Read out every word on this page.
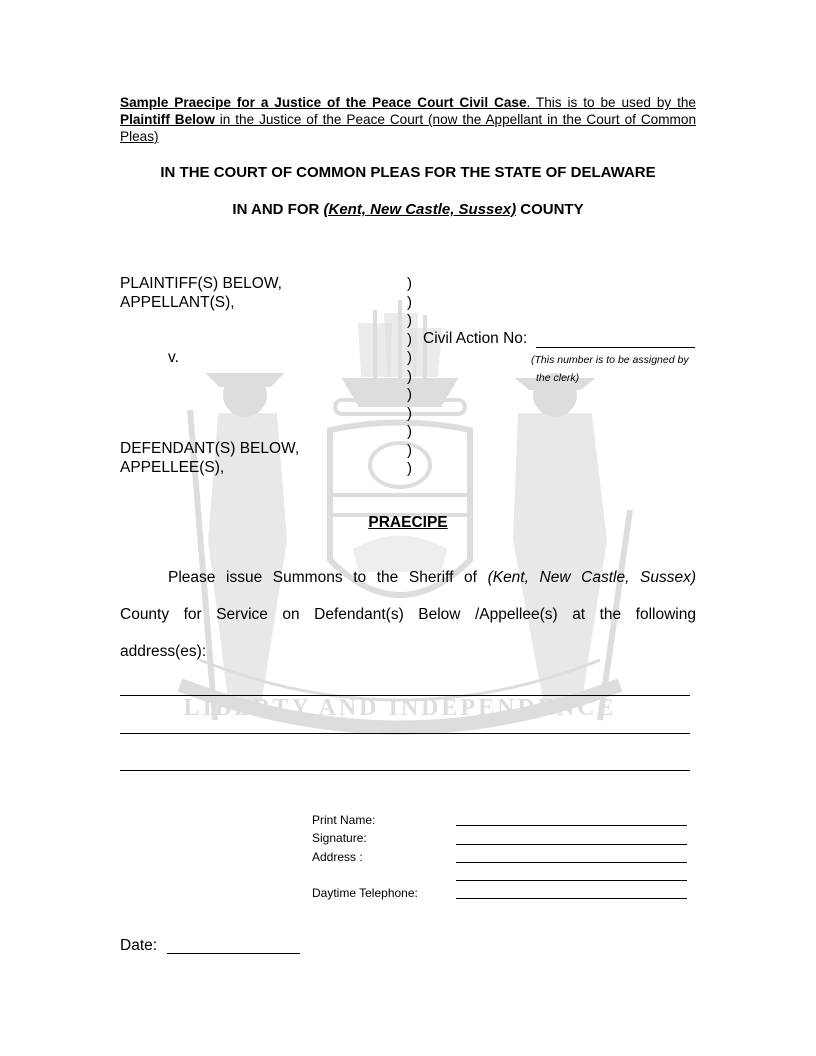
LIBERTY AND INDEPENDENCE
Sample Praecipe for a Justice of the Peace Court Civil Case. This is to be used by the Plaintiff Below in the Justice of the Peace Court (now the Appellant in the Court of Common Pleas)
IN THE COURT OF COMMON PLEAS FOR THE STATE OF DELAWARE
IN AND FOR (Kent, New Castle, Sussex) COUNTY
PLAINTIFF(S) BELOW,
APPELLANT(S),
v.
DEFENDANT(S) BELOW,
APPELLEE(S),
)
)
)
)
)
)
)
)
)
)
)
Civil Action No:
(This number is to be assigned by
the clerk)
PRAECIPE
Please issue Summons to the Sheriff of (Kent, New Castle, Sussex)
County for Service on Defendant(s) Below /Appellee(s) at the following
address(es):
Print Name:
Signature:
Address :
Daytime Telephone:
Date:
